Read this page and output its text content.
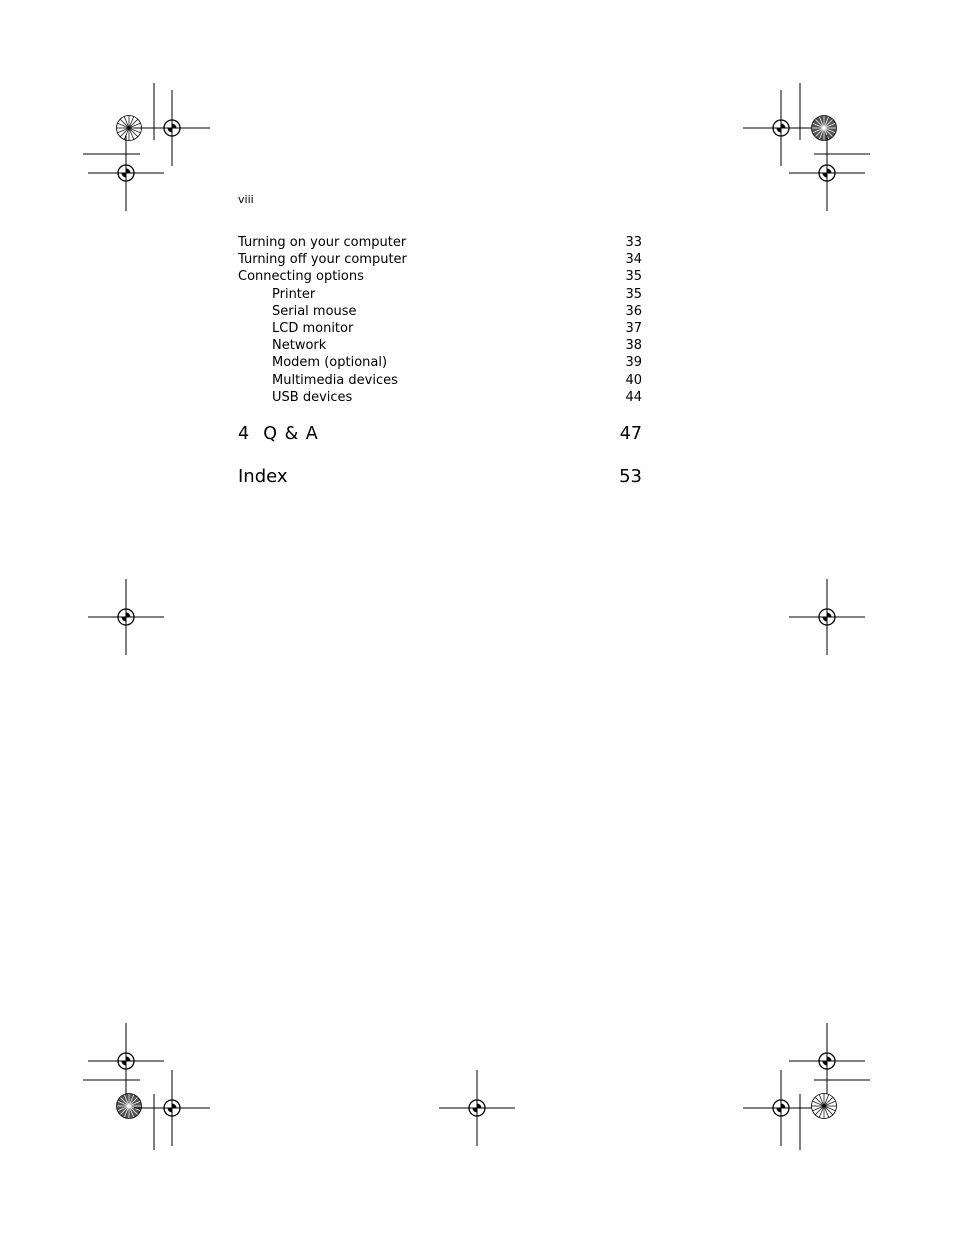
viii
Turning on your computer	33
Turning off your computer	34
Connecting options	35
Printer	35
Serial mouse	36
LCD monitor	37
Network	38
Modem (optional)	39
Multimedia devices	40
USB devices	44
4  Q & A	47
Index	53
